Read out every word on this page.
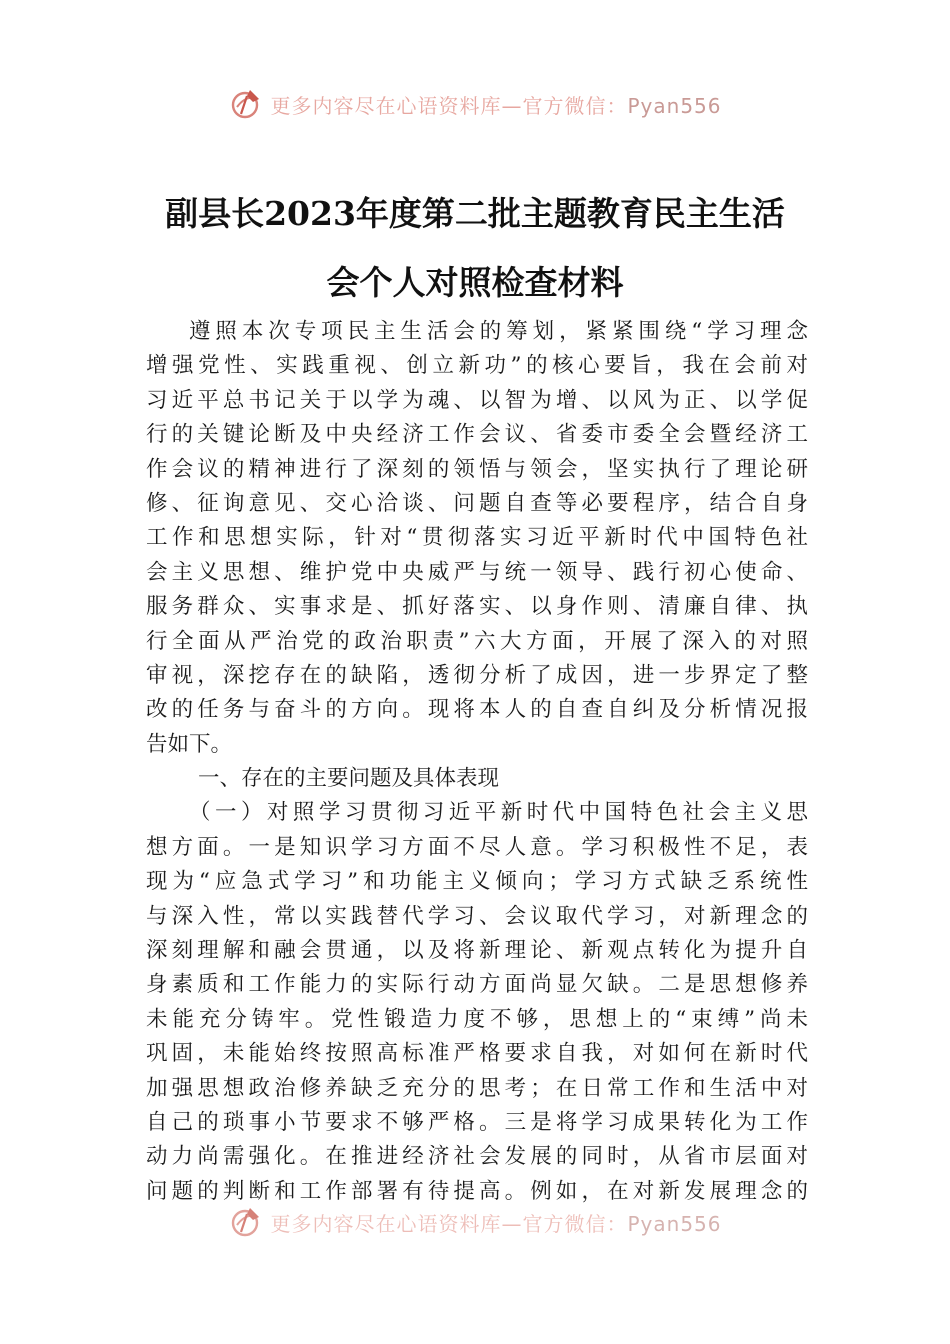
更多内容尽在心语资料库—官方微信：Pyan556
副县长2023年度第二批主题教育民主生活
会个人对照检查材料
遵照本次专项民主生活会的筹划，紧紧围绕“学习理念
增强党性、实践重视、创立新功”的核心要旨，我在会前对
习近平总书记关于以学为魂、以智为增、以风为正、以学促
行的关键论断及中央经济工作会议、省委市委全会暨经济工
作会议的精神进行了深刻的领悟与领会，坚实执行了理论研
修、征询意见、交心洽谈、问题自查等必要程序，结合自身
工作和思想实际，针对“贯彻落实习近平新时代中国特色社
会主义思想、维护党中央威严与统一领导、践行初心使命、
服务群众、实事求是、抓好落实、以身作则、清廉自律、执
行全面从严治党的政治职责”六大方面，开展了深入的对照
审视，深挖存在的缺陷，透彻分析了成因，进一步界定了整
改的任务与奋斗的方向。现将本人的自查自纠及分析情况报
告如下。
一、存在的主要问题及具体表现
（一）对照学习贯彻习近平新时代中国特色社会主义思
想方面。一是知识学习方面不尽人意。学习积极性不足，表
现为“应急式学习”和功能主义倾向；学习方式缺乏系统性
与深入性，常以实践替代学习、会议取代学习，对新理念的
深刻理解和融会贯通，以及将新理论、新观点转化为提升自
身素质和工作能力的实际行动方面尚显欠缺。二是思想修养
未能充分铸牢。党性锻造力度不够，思想上的“束缚”尚未
巩固，未能始终按照高标准严格要求自我，对如何在新时代
加强思想政治修养缺乏充分的思考；在日常工作和生活中对
自己的琐事小节要求不够严格。三是将学习成果转化为工作
动力尚需强化。在推进经济社会发展的同时，从省市层面对
问题的判断和工作部署有待提高。例如，在对新发展理念的
更多内容尽在心语资料库—官方微信：Pyan556
